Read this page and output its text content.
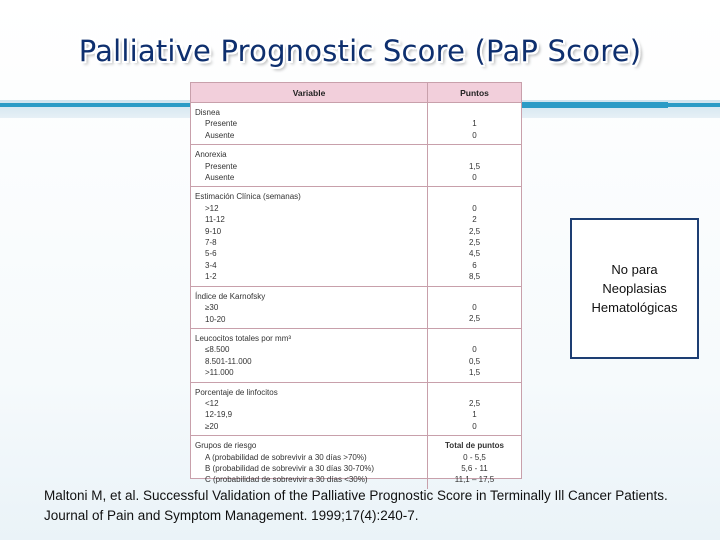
Palliative Prognostic Score (PaP Score)
Variable	Puntos
Disnea
Presente
Ausente
1
0
Anorexia
Presente
Ausente
1,5
0
Estimación Clínica (semanas)
>12
11-12
9-10
7-8
5-6
3-4
1-2
0
2
2,5
2,5
4,5
6
8,5
Índice de Karnofsky
≥30
10-20
0
2,5
Leucocitos totales por mm³
≤8.500
8.501-11.000
>11.000
0
0,5
1,5
Porcentaje de linfocitos
<12
12-19,9
≥20
2,5
1
0
Grupos de riesgo
A (probabilidad de sobrevivir a 30 días >70%)
B (probabilidad de sobrevivir a 30 días 30-70%)
C (probabilidad de sobrevivir a 30 días <30%)
Total de puntos
0 - 5,5
5,6 - 11
11,1 – 17,5
No para
Neoplasias
Hematológicas
Maltoni M, et al. Successful Validation of the Palliative Prognostic Score in Terminally Ill Cancer Patients. Journal of Pain and Symptom Management. 1999;17(4):240-7.
